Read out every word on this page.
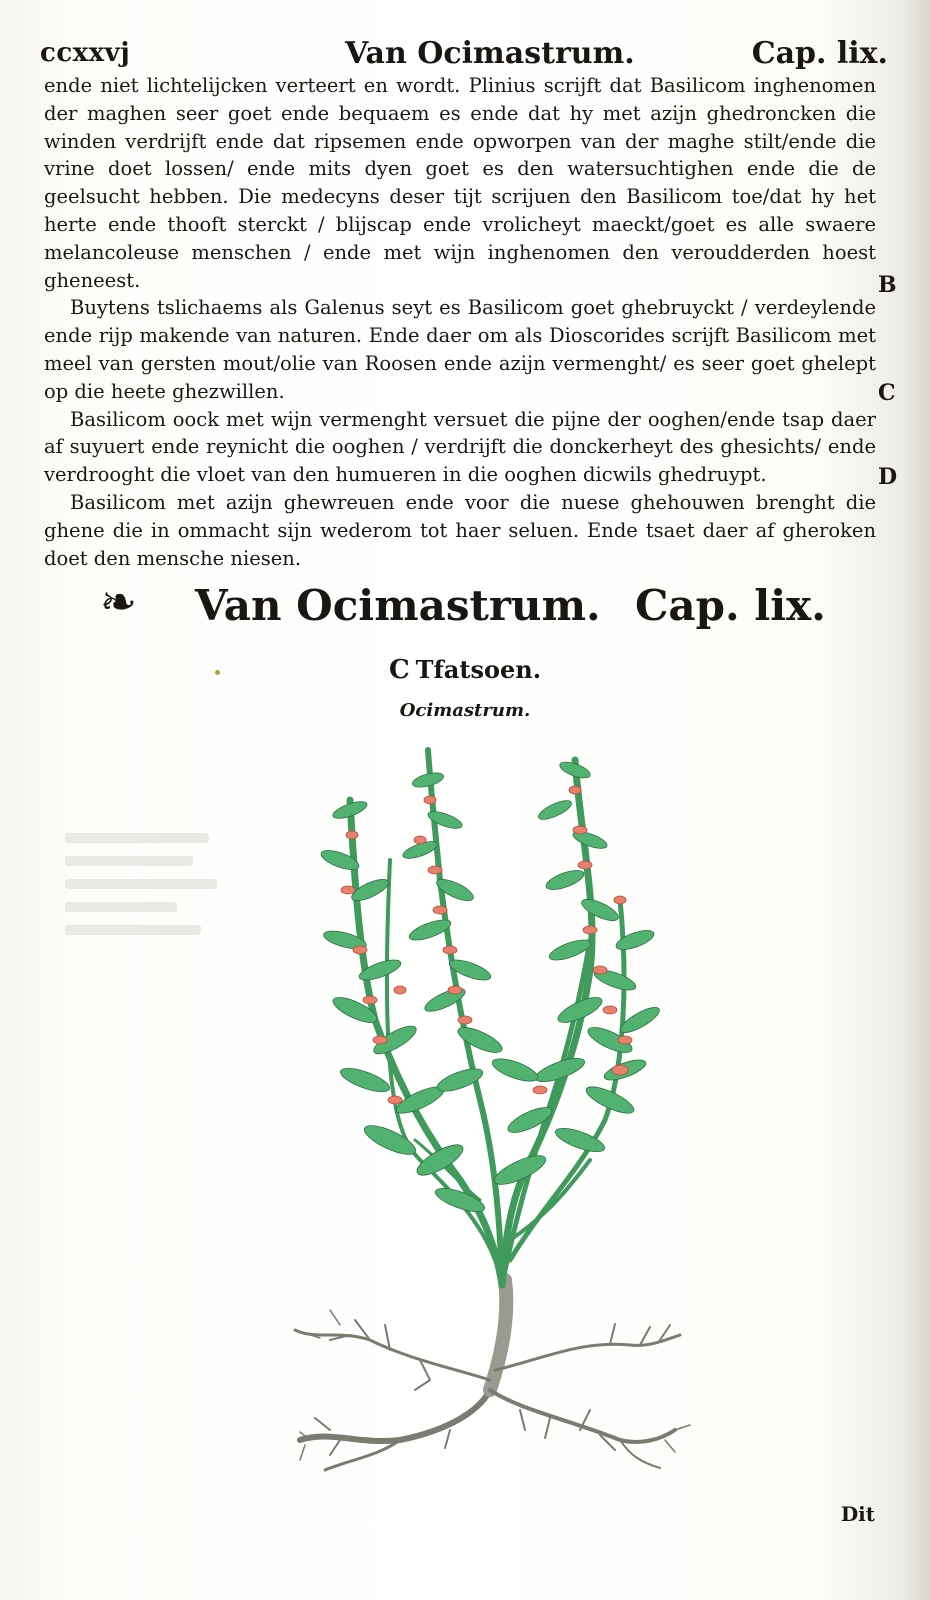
ccxxvj	Van Ocimastrum.	Cap. lix.

ende niet lichtelijcken verteert en wordt. Plinius scrijft dat Basilicom inghenomen der maghen seer goet ende bequaem es ende dat hy met azijn ghedroncken die winden verdrijft ende dat ripsemen ende opworpen van der maghe stilt/ende die vrine doet lossen/ ende mits dyen goet es den watersuchtighen ende die de geelsucht hebben. Die medecyns deser tijt scrijuen den Basilicom toe/dat hy het herte ende thooft sterckt / blijscap ende vrolicheyt maeckt/goet es alle swaere melancoleuse menschen / ende met wijn inghenomen den veroudderden hoest gheneest.

Buytens tslichaems als Galenus seyt es Basilicom goet ghebruyckt / verdeylende ende rijp makende van naturen. Ende daer om als Dioscorides scrijft Basilicom met meel van gersten mout/olie van Roosen ende azijn vermenght/ es seer goet ghelept op die heete ghezwillen.

Basilicom oock met wijn vermenght versuet die pijne der ooghen/ende tsap daer af suyuert ende reynicht die ooghen / verdrijft die donckerheyt des ghesichts/ ende verdrooght die vloet van den humueren in die ooghen dicwils ghedruypt.

Basilicom met azijn ghewreuen ende voor die nuese ghehouwen brenght die ghene die in ommacht sijn wederom tot haer seluen. Ende tsaet daer af gheroken doet den mensche niesen.

B
C
D
❧ Van Ocimastrum. Cap. lix.
C Tfatsoen.
Ocimastrum.
Dit
